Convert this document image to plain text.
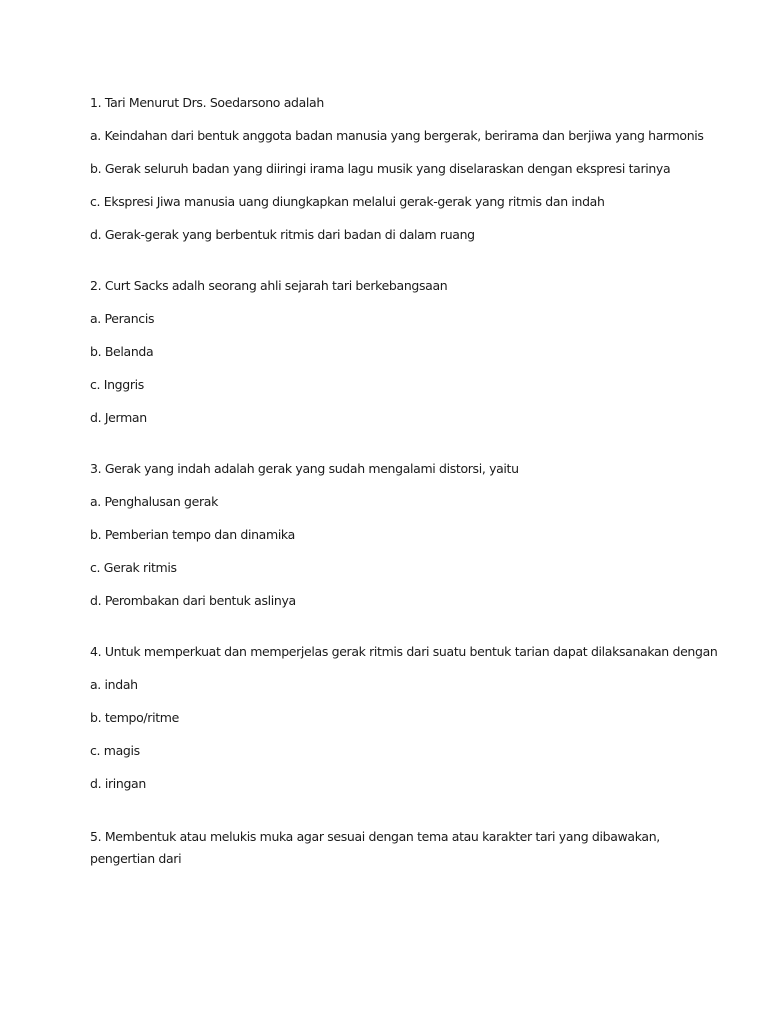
1. Tari Menurut Drs. Soedarsono adalah

a. Keindahan dari bentuk anggota badan manusia yang bergerak, berirama dan berjiwa yang harmonis

b. Gerak seluruh badan yang diiringi irama lagu musik yang diselaraskan dengan ekspresi tarinya

c. Ekspresi Jiwa manusia uang diungkapkan melalui gerak-gerak yang ritmis dan indah

d. Gerak-gerak yang berbentuk ritmis dari badan di dalam ruang

2. Curt Sacks adalh seorang ahli sejarah tari berkebangsaan

a. Perancis

b. Belanda

c. Inggris

d. Jerman

3. Gerak yang indah adalah gerak yang sudah mengalami distorsi, yaitu

a. Penghalusan gerak

b. Pemberian tempo dan dinamika

c. Gerak ritmis

d. Perombakan dari bentuk aslinya

4. Untuk memperkuat dan memperjelas gerak ritmis dari suatu bentuk tarian dapat dilaksanakan dengan

a. indah

b. tempo/ritme

c. magis

d. iringan

5. Membentuk atau melukis muka agar sesuai dengan tema atau karakter tari yang dibawakan, pengertian dari
